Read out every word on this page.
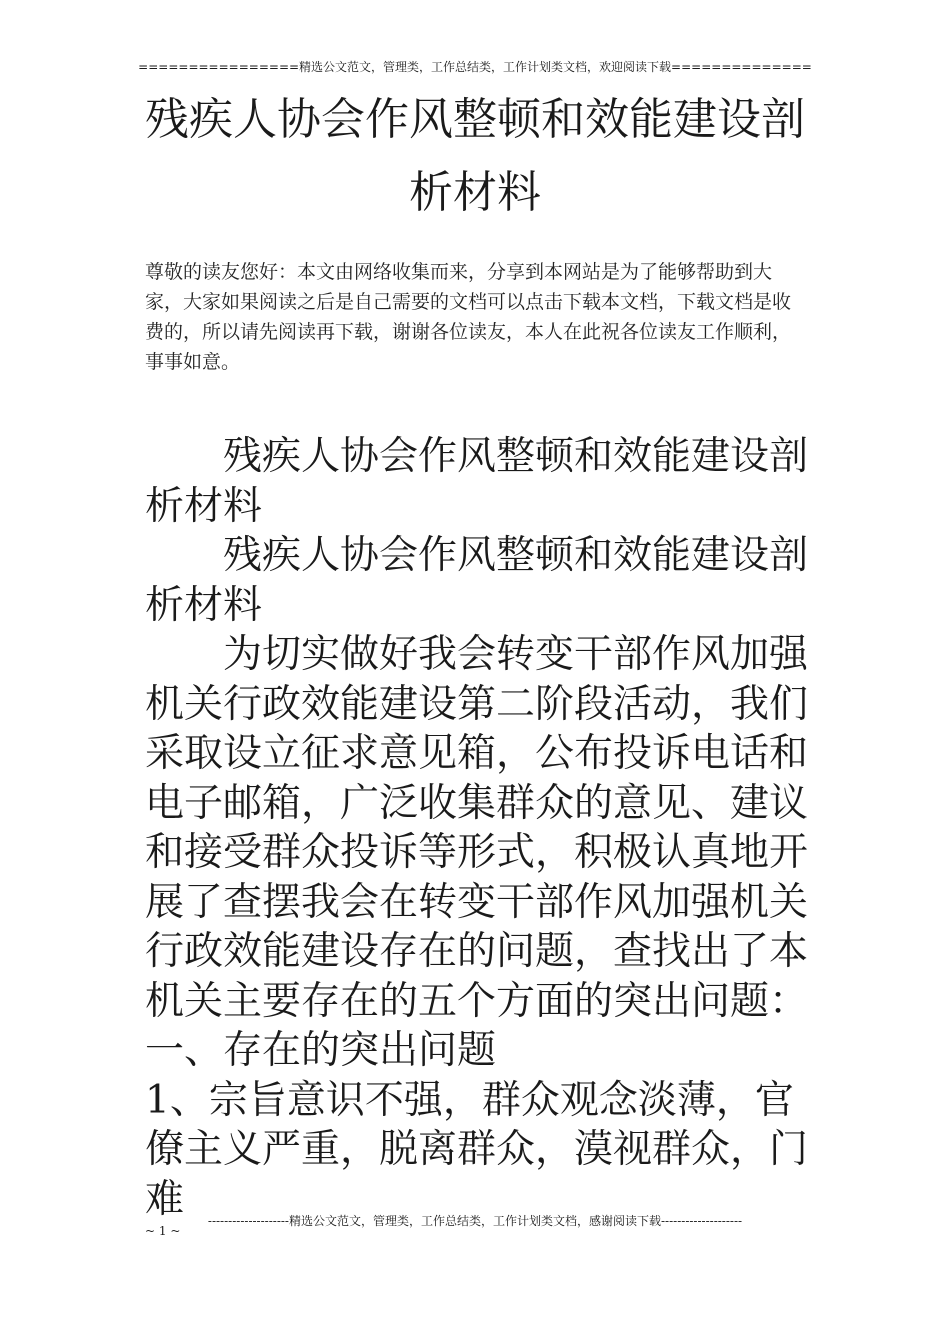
================精选公文范文，管理类，工作总结类，工作计划类文档，欢迎阅读下载==============
残疾人协会作风整顿和效能建设剖
析材料
尊敬的读友您好：本文由网络收集而来，分享到本网站是为了能够帮助到大家，大家如果阅读之后是自己需要的文档可以点击下载本文档，下载文档是收费的，所以请先阅读再下载，谢谢各位读友，本人在此祝各位读友工作顺利，事事如意。

残疾人协会作风整顿和效能建设剖析材料

残疾人协会作风整顿和效能建设剖析材料

为切实做好我会转变干部作风加强机关行政效能建设第二阶段活动，我们采取设立征求意见箱，公布投诉电话和电子邮箱，广泛收集群众的意见、建议和接受群众投诉等形式，积极认真地开展了查摆我会在转变干部作风加强机关行政效能建设存在的问题，查找出了本机关主要存在的五个方面的突出问题：

一、存在的突出问题

1、宗旨意识不强，群众观念淡薄，官僚主义严重，脱离群众，漠视群众，门难	--------------------精选公文范文，管理类，工作总结类，工作计划类文档，感谢阅读下载--------------------
~ 1 ~
